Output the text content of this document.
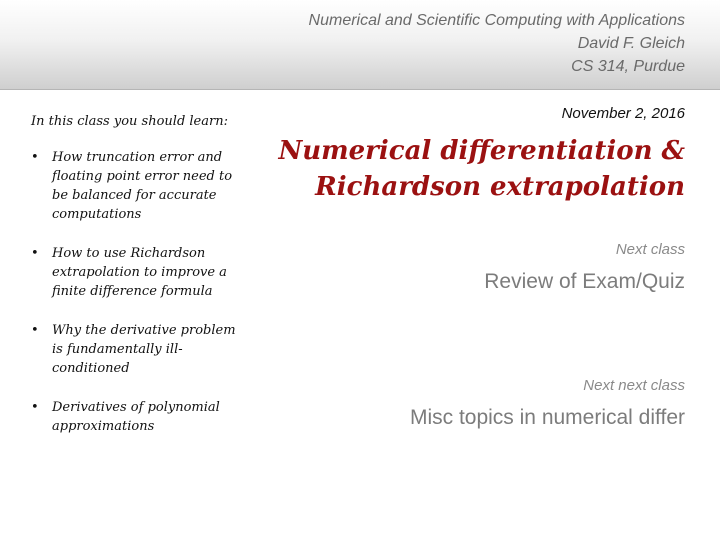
Numerical and Scientific Computing with Applications
David F. Gleich
CS 314, Purdue

In this class you should learn:

• How truncation error and floating point error need to be balanced for accurate computations
• How to use Richardson extrapolation to improve a finite difference formula
• Why the derivative problem is fundamentally ill-conditioned
• Derivatives of polynomial approximations
November 2, 2016
Numerical differentiation & Richardson extrapolation
Next class
Review of Exam/Quiz
Next next class
Misc topics in numerical differ
